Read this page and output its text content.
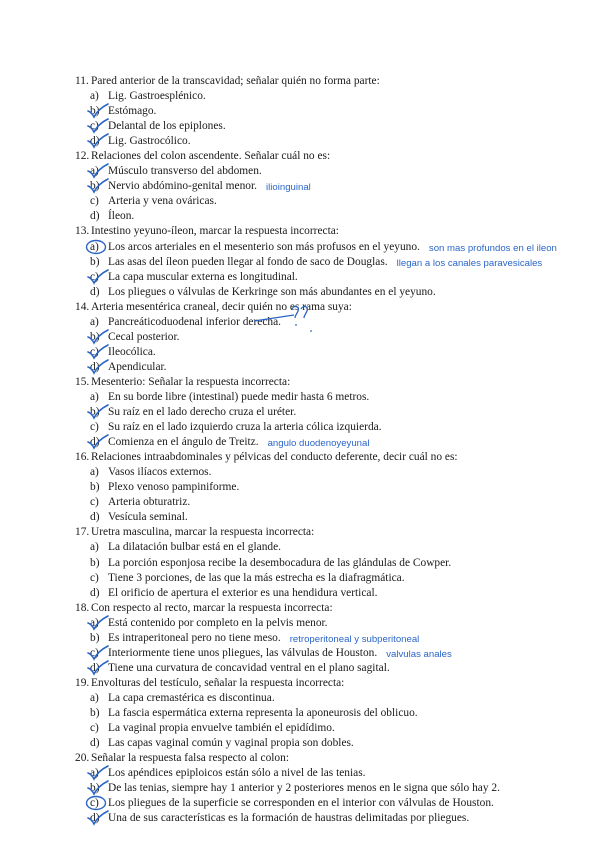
11. Pared anterior de la transcavidad; señalar quién no forma parte:
a) Lig. Gastroesplénico.
b) Estómago.
c) Delantal de los epiplones.
d) Lig. Gastrocólico.
12. Relaciones del colon ascendente. Señalar cuál no es:
a) Músculo transverso del abdomen.
b) Nervio abdómino-genital menor. ilioinguinal
c) Arteria y vena ováricas.
d) Íleon.
13. Intestino yeyuno-íleon, marcar la respuesta incorrecta:
a) Los arcos arteriales en el mesenterio son más profusos en el yeyuno. son mas profundos en el ileon
b) Las asas del íleon pueden llegar al fondo de saco de Douglas. llegan a los canales paravesicales
c) La capa muscular externa es longitudinal.
d) Los pliegues o válvulas de Kerkringe son más abundantes en el yeyuno.
14. Arteria mesentérica craneal, decir quién no es rama suya:
a) Pancreáticoduodenal inferior derecha.
b) Cecal posterior.
c) Ileocólica.
d) Apendicular.
15. Mesenterio: Señalar la respuesta incorrecta:
a) En su borde libre (intestinal) puede medir hasta 6 metros.
b) Su raíz en el lado derecho cruza el uréter.
c) Su raíz en el lado izquierdo cruza la arteria cólica izquierda.
d) Comienza en el ángulo de Treitz. angulo duodenoyeyunal
16. Relaciones intraabdominales y pélvicas del conducto deferente, decir cuál no es:
a) Vasos ilíacos externos.
b) Plexo venoso pampiniforme.
c) Arteria obturatriz.
d) Vesícula seminal.
17. Uretra masculina, marcar la respuesta incorrecta:
a) La dilatación bulbar está en el glande.
b) La porción esponjosa recibe la desembocadura de las glándulas de Cowper.
c) Tiene 3 porciones, de las que la más estrecha es la diafragmática.
d) El orificio de apertura el exterior es una hendidura vertical.
18. Con respecto al recto, marcar la respuesta incorrecta:
a) Está contenido por completo en la pelvis menor.
b) Es intraperitoneal pero no tiene meso. retroperitoneal y subperitoneal
c) Interiormente tiene unos pliegues, las válvulas de Houston. valvulas anales
d) Tiene una curvatura de concavidad ventral en el plano sagital.
19. Envolturas del testículo, señalar la respuesta incorrecta:
a) La capa cremastérica es discontinua.
b) La fascia espermática externa representa la aponeurosis del oblicuo.
c) La vaginal propia envuelve también el epidídimo.
d) Las capas vaginal común y vaginal propia son dobles.
20. Señalar la respuesta falsa respecto al colon:
a) Los apéndices epiploicos están sólo a nivel de las tenias.
b) De las tenias, siempre hay 1 anterior y 2 posteriores menos en le signa que sólo hay 2.
c) Los pliegues de la superficie se corresponden en el interior con válvulas de Houston.
d) Una de sus características es la formación de haustras delimitadas por pliegues.
